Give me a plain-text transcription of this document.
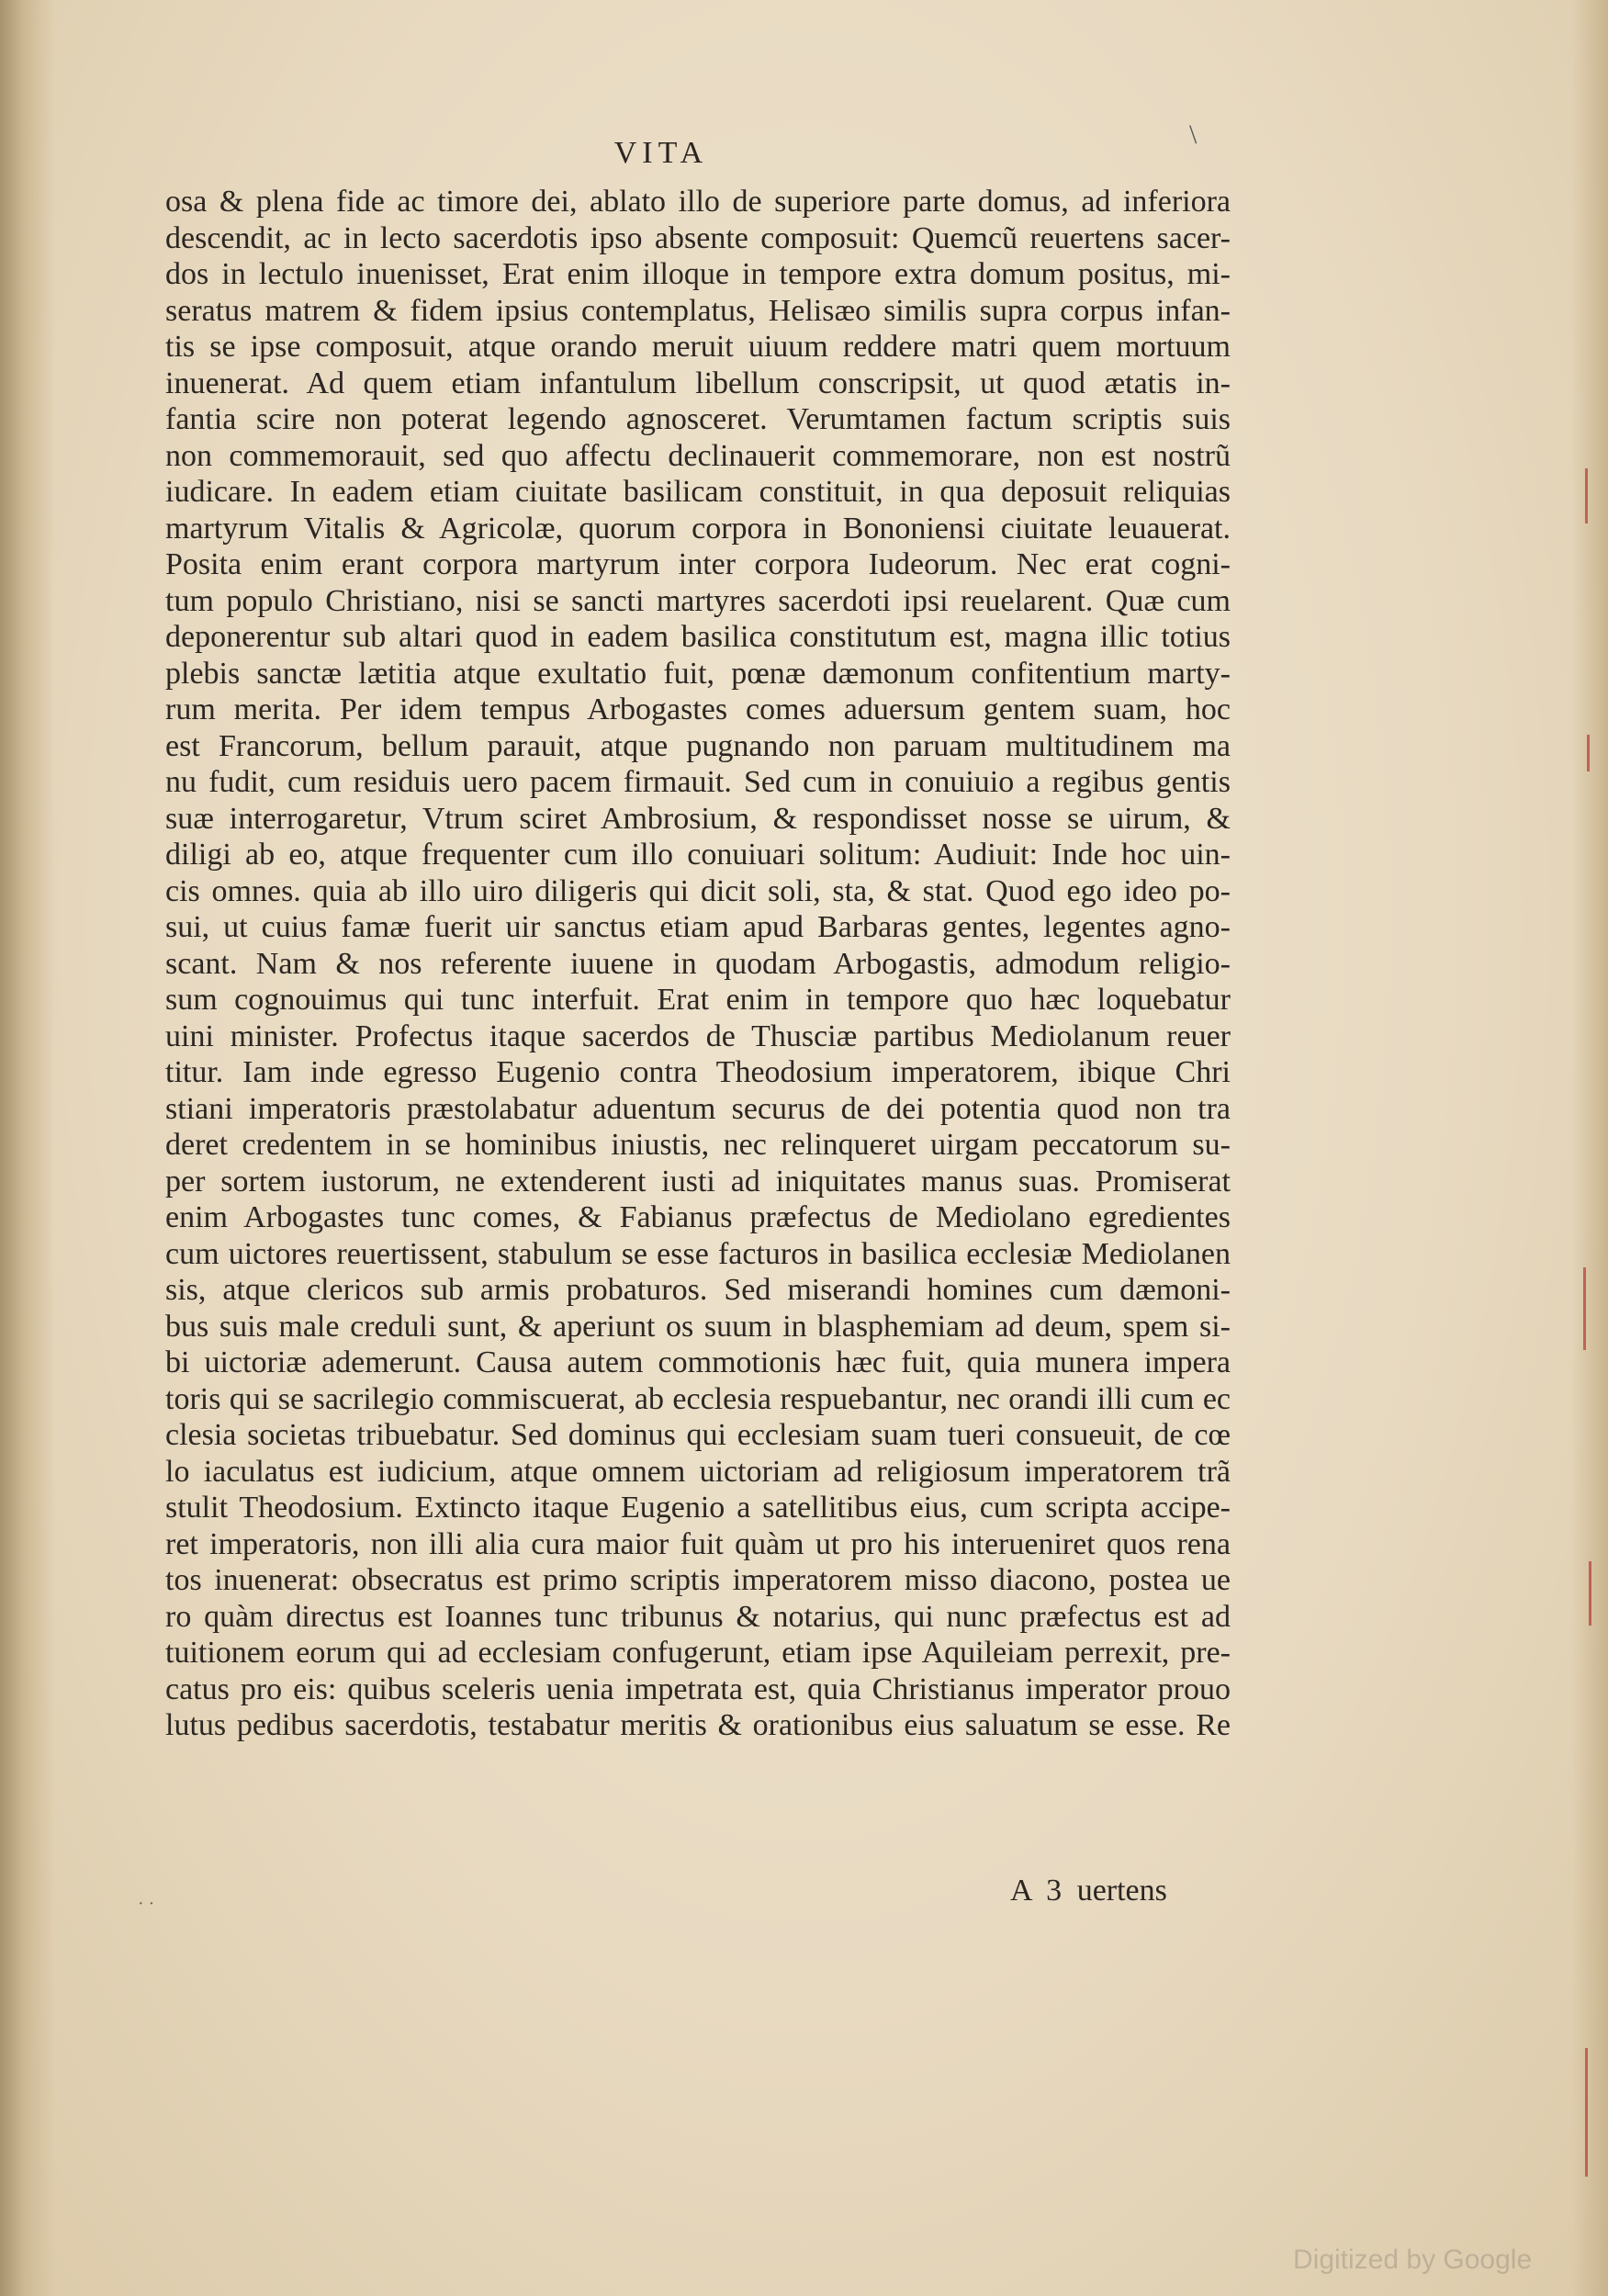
\
VITA
osa & plena fide ac timore dei, ablato illo de superiore parte domus, ad inferiora
descendit, ac in lecto sacerdotis ipso absente composuit: Quemcũ reuertens sacer-
dos in lectulo inuenisset, Erat enim illoque in tempore extra domum positus, mi-
seratus matrem & fidem ipsius contemplatus, Helisæo similis supra corpus infan-
tis se ipse composuit, atque orando meruit uiuum reddere matri quem mortuum
inuenerat. Ad quem etiam infantulum libellum conscripsit, ut quod ætatis in-
fantia scire non poterat legendo agnosceret. Verumtamen factum scriptis suis
non commemorauit, sed quo affectu declinauerit commemorare, non est nostrũ
iudicare. In eadem etiam ciuitate basilicam constituit, in qua deposuit reliquias
martyrum Vitalis & Agricolæ, quorum corpora in Bononiensi ciuitate leuauerat.
Posita enim erant corpora martyrum inter corpora Iudeorum. Nec erat cogni-
tum populo Christiano, nisi se sancti martyres sacerdoti ipsi reuelarent. Quæ cum
deponerentur sub altari quod in eadem basilica constitutum est, magna illic totius
plebis sanctæ lætitia atque exultatio fuit, pœnæ dæmonum confitentium marty-
rum merita. Per idem tempus Arbogastes comes aduersum gentem suam, hoc
est Francorum, bellum parauit, atque pugnando non paruam multitudinem ma
nu fudit, cum residuis uero pacem firmauit. Sed cum in conuiuio a regibus gentis
suæ interrogaretur, Vtrum sciret Ambrosium, & respondisset nosse se uirum, &
diligi ab eo, atque frequenter cum illo conuiuari solitum: Audiuit: Inde hoc uin-
cis omnes. quia ab illo uiro diligeris qui dicit soli, sta, & stat. Quod ego ideo po-
sui, ut cuius famæ fuerit uir sanctus etiam apud Barbaras gentes, legentes agno-
scant. Nam & nos referente iuuene in quodam Arbogastis, admodum religio-
sum cognouimus qui tunc interfuit. Erat enim in tempore quo hæc loquebatur
uini minister. Profectus itaque sacerdos de Thusciæ partibus Mediolanum reuer
titur. Iam inde egresso Eugenio contra Theodosium imperatorem, ibique Chri
stiani imperatoris præstolabatur aduentum securus de dei potentia quod non tra
deret credentem in se hominibus iniustis, nec relinqueret uirgam peccatorum su-
per sortem iustorum, ne extenderent iusti ad iniquitates manus suas. Promiserat
enim Arbogastes tunc comes, & Fabianus præfectus de Mediolano egredientes
cum uictores reuertissent, stabulum se esse facturos in basilica ecclesiæ Mediolanen
sis, atque clericos sub armis probaturos. Sed miserandi homines cum dæmoni-
bus suis male creduli sunt, & aperiunt os suum in blasphemiam ad deum, spem si-
bi uictoriæ ademerunt. Causa autem commotionis hæc fuit, quia munera impera
toris qui se sacrilegio commiscuerat, ab ecclesia respuebantur, nec orandi illi cum ec
clesia societas tribuebatur. Sed dominus qui ecclesiam suam tueri consueuit, de cœ
lo iaculatus est iudicium, atque omnem uictoriam ad religiosum imperatorem trã
stulit Theodosium. Extincto itaque Eugenio a satellitibus eius, cum scripta accipe-
ret imperatoris, non illi alia cura maior fuit quàm ut pro his interueniret quos rena
tos inuenerat: obsecratus est primo scriptis imperatorem misso diacono, postea ue
ro quàm directus est Ioannes tunc tribunus & notarius, qui nunc præfectus est ad
tuitionem eorum qui ad ecclesiam confugerunt, etiam ipse Aquileiam perrexit, pre-
catus pro eis: quibus sceleris uenia impetrata est, quia Christianus imperator prouo
lutus pedibus sacerdotis, testabatur meritis & orationibus eius saluatum se esse. Re
· ·	A 3 uertens
Digitized by Google
